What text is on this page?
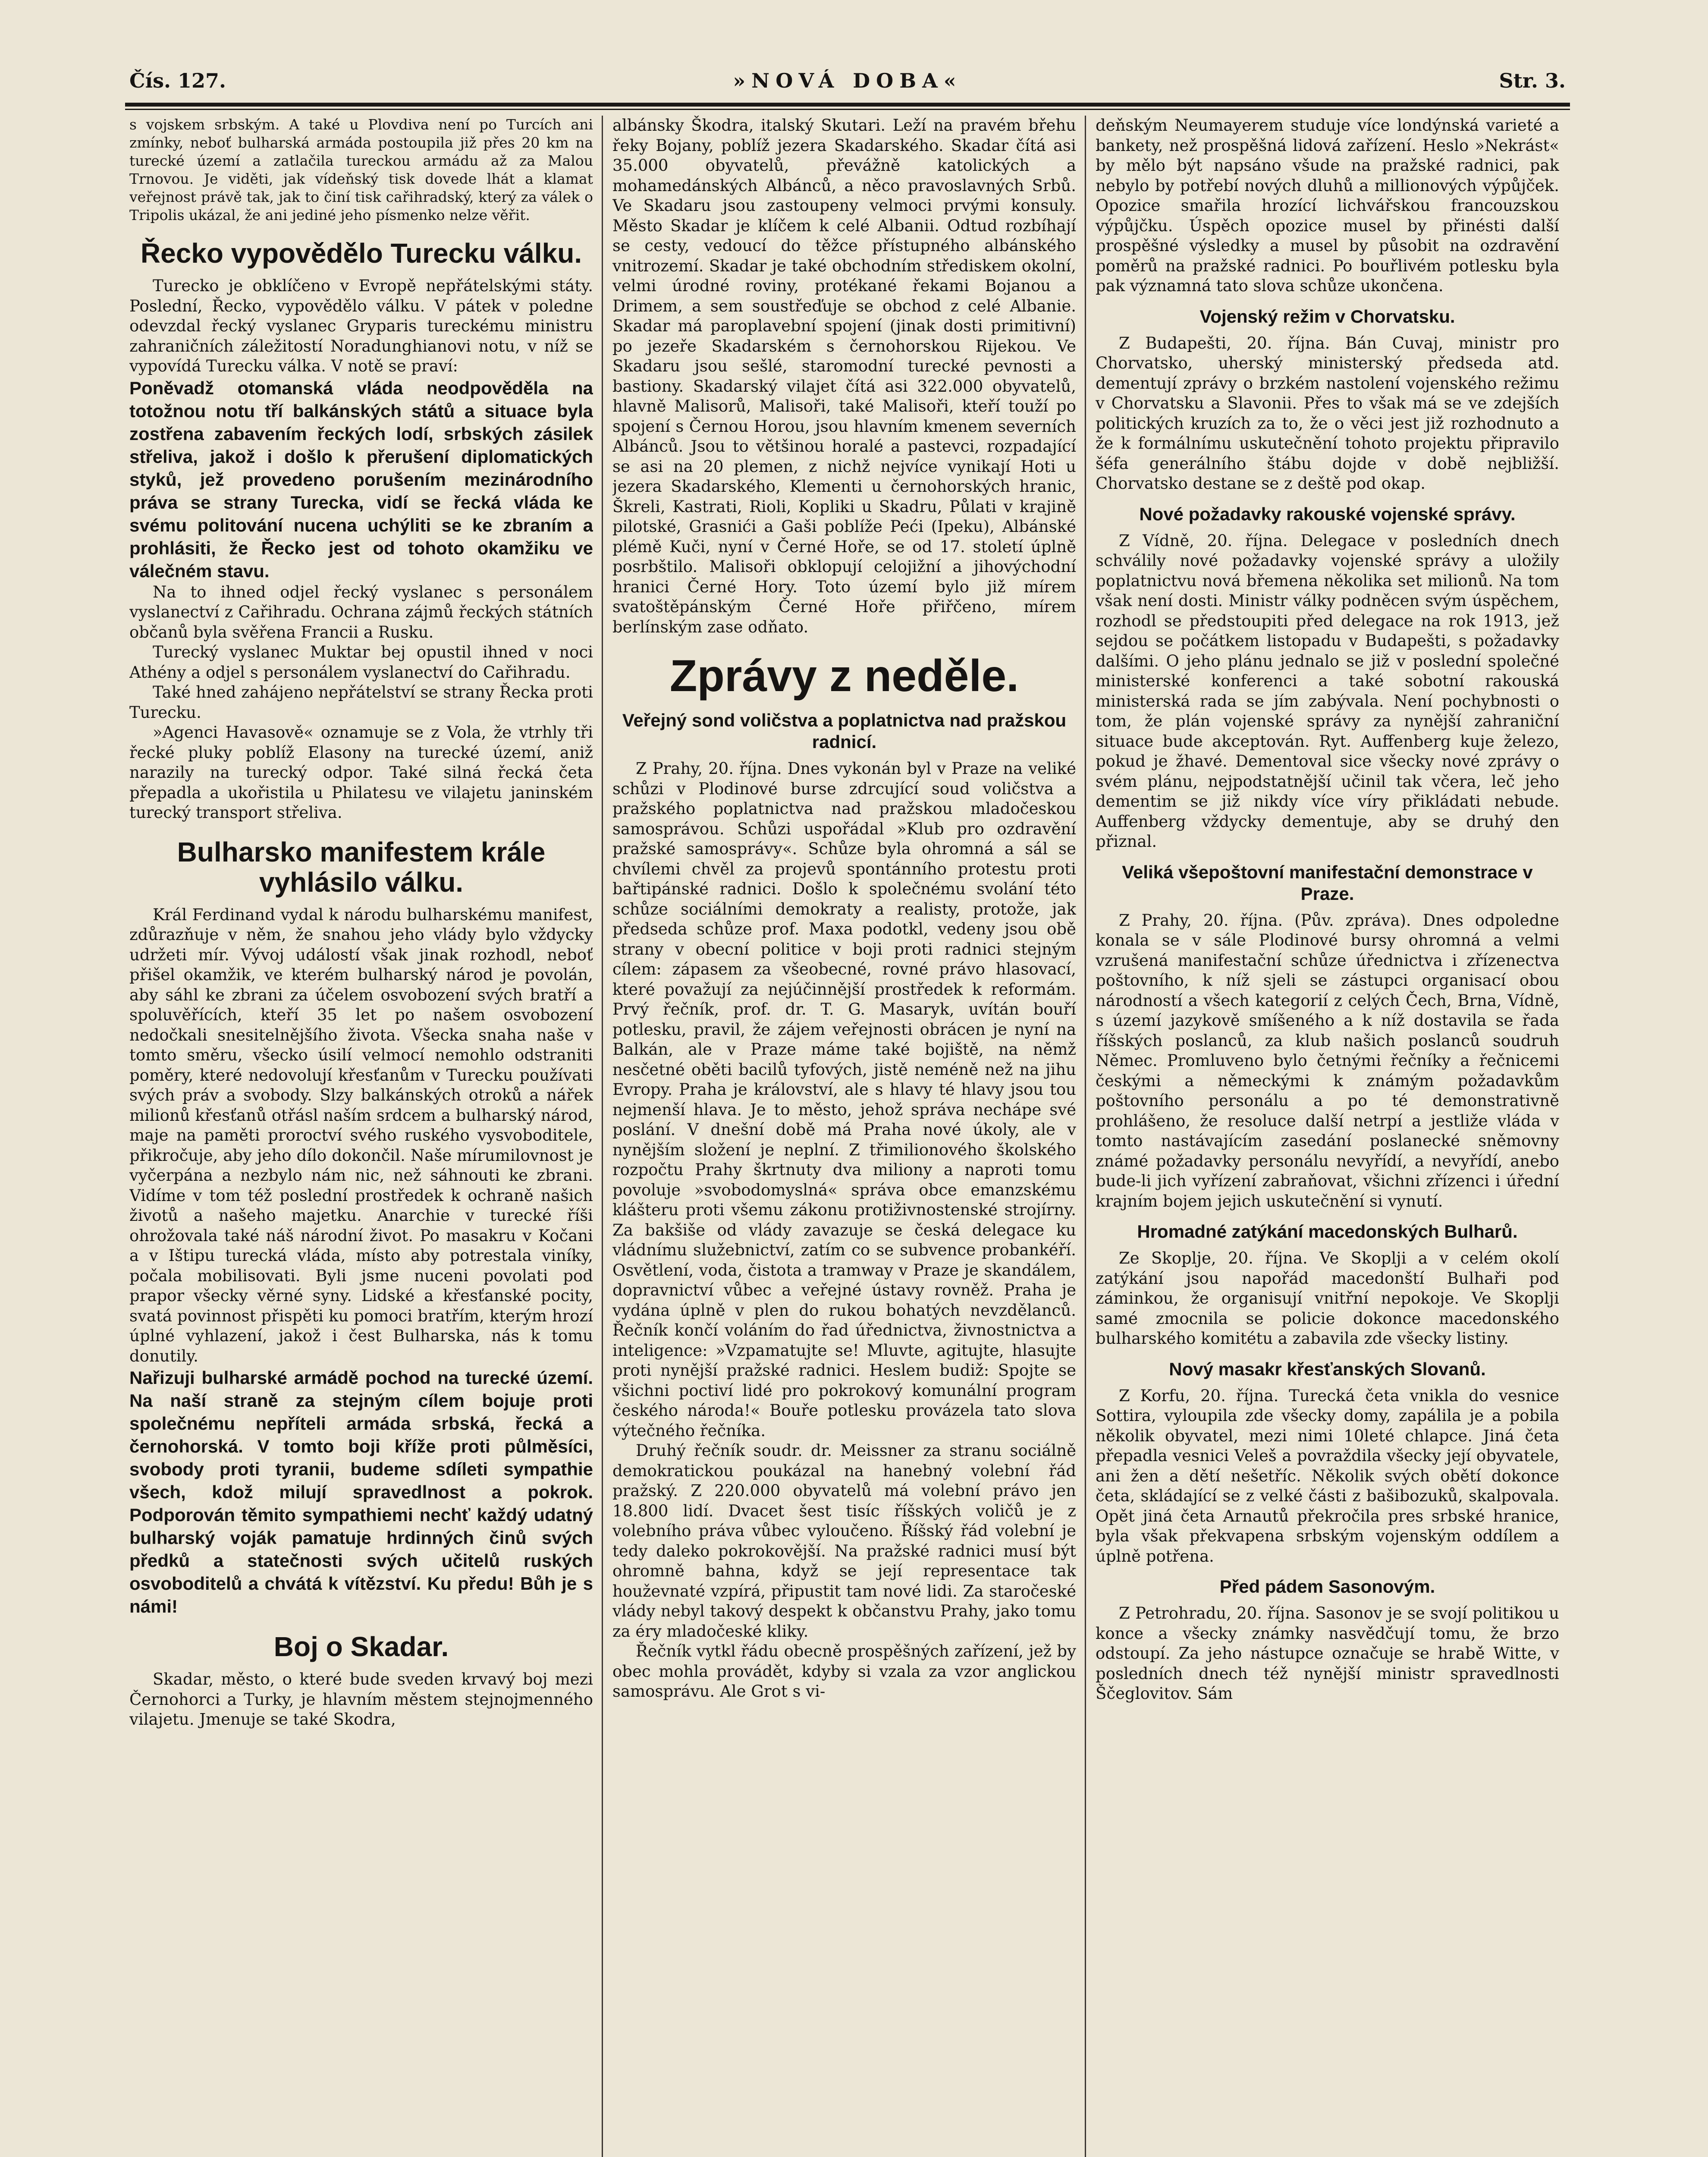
Čís. 127.	»NOVÁ DOBA«	Str. 3.

s vojskem srbským. A také u Plovdiva není po Turcích ani zmínky, neboť bulharská armáda postoupila již přes 20 km na turecké území a zatlačila tureckou armádu až za Malou Trnovou. Je viděti, jak vídeňský tisk dovede lhát a klamat veřejnost právě tak, jak to činí tisk cařihradský, který za válek o Tripolis ukázal, že ani jediné jeho písmenko nelze věřit.

Řecko vypovědělo Turecku válku.

Turecko je obklíčeno v Evropě nepřátelskými státy. Poslední, Řecko, vypovědělo válku. V pátek v poledne odevzdal řecký vyslanec Gryparis tureckému ministru zahraničních záležitostí Noradunghianovi notu, v níž se vypovídá Turecku válka. V notě se praví:

Poněvadž otomanská vláda neodpověděla na totožnou notu tří balkánských států a situace byla zostřena zabavením řeckých lodí, srbských zásilek střeliva, jakož i došlo k přerušení diplomatických styků, jež provedeno porušením mezinárodního práva se strany Turecka, vidí se řecká vláda ke svému politování nucena uchýliti se ke zbraním a prohlásiti, že Řecko jest od tohoto okamžiku ve válečném stavu.

Na to ihned odjel řecký vyslanec s personálem vyslanectví z Cařihradu. Ochrana zájmů řeckých státních občanů byla svěřena Francii a Rusku.

Turecký vyslanec Muktar bej opustil ihned v noci Athény a odjel s personálem vyslanectví do Cařihradu.

Také hned zahájeno nepřátelství se strany Řecka proti Turecku.

»Agenci Havasově« oznamuje se z Vola, že vtrhly tři řecké pluky poblíž Elasony na turecké území, aniž narazily na turecký odpor. Také silná řecká četa přepadla a ukořistila u Philatesu ve vilajetu janinském turecký transport střeliva.

Bulharsko manifestem krále vyhlásilo válku.

Král Ferdinand vydal k národu bulharskému manifest, zdůrazňuje v něm, že snahou jeho vlády bylo vždycky udržeti mír. Vývoj událostí však jinak rozhodl, neboť přišel okamžik, ve kterém bulharský národ je povolán, aby sáhl ke zbrani za účelem osvobození svých bratří a spoluvěřících, kteří 35 let po našem osvobození nedočkali snesitelnějšího života. Všecka snaha naše v tomto směru, všecko úsilí velmocí nemohlo odstraniti poměry, které nedovolují křesťanům v Turecku používati svých práv a svobody. Slzy balkánských otroků a nářek milionů křesťanů otřásl naším srdcem a bulharský národ, maje na paměti proroctví svého ruského vysvoboditele, přikročuje, aby jeho dílo dokončil. Naše mírumilovnost je vyčerpána a nezbylo nám nic, než sáhnouti ke zbrani. Vidíme v tom též poslední prostředek k ochraně našich životů a našeho majetku. Anarchie v turecké říši ohrožovala také náš národní život. Po masakru v Kočani a v Ištipu turecká vláda, místo aby potrestala viníky, počala mobilisovati. Byli jsme nuceni povolati pod prapor všecky věrné syny. Lidské a křesťanské pocity, svatá povinnost přispěti ku pomoci bratřím, kterým hrozí úplné vyhlazení, jakož i čest Bulharska, nás k tomu donutily.

Nařizuji bulharské armádě pochod na turecké území. Na naší straně za stejným cílem bojuje proti společnému nepříteli armáda srbská, řecká a černohorská. V tomto boji kříže proti půlměsíci, svobody proti tyranii, budeme sdíleti sympathie všech, kdož milují spravedlnost a pokrok. Podporován těmito sympathiemi nechť každý udatný bulharský voják pamatuje hrdinných činů svých předků a statečnosti svých učitelů ruských osvoboditelů a chvátá k vítězství. Ku předu! Bůh je s námi!

Boj o Skadar.

Skadar, město, o které bude sveden krvavý boj mezi Černohorci a Turky, je hlavním městem stejnojmenného vilajetu. Jmenuje se také Skodra,

albánsky Škodra, italský Skutari. Leží na pravém břehu řeky Bojany, poblíž jezera Skadarského. Skadar čítá asi 35.000 obyvatelů, převážně katolických a mohamedánských Albánců, a něco pravoslavných Srbů. Ve Skadaru jsou zastoupeny velmoci prvými konsuly. Město Skadar je klíčem k celé Albanii. Odtud rozbíhají se cesty, vedoucí do těžce přístupného albánského vnitrozemí. Skadar je také obchodním střediskem okolní, velmi úrodné roviny, protékané řekami Bojanou a Drimem, a sem soustřeďuje se obchod z celé Albanie. Skadar má paroplavební spojení (jinak dosti primitivní) po jezeře Skadarském s černohorskou Rijekou. Ve Skadaru jsou sešlé, staromodní turecké pevnosti a bastiony. Skadarský vilajet čítá asi 322.000 obyvatelů, hlavně Malisorů, Malisoři, také Malisoři, kteří touží po spojení s Černou Horou, jsou hlavním kmenem severních Albánců. Jsou to většinou horalé a pastevci, rozpadající se asi na 20 plemen, z nichž nejvíce vynikají Hoti u jezera Skadarského, Klementi u černohorských hranic, Škreli, Kastrati, Rioli, Kopliki u Skadru, Půlati v krajině pilotské, Grasnići a Gaši poblíže Peći (Ipeku), Albánské plémě Kuči, nyní v Černé Hoře, se od 17. století úplně posrbštilo. Malisoři obklopují celojižní a jihovýchodní hranici Černé Hory. Toto území bylo již mírem svatoštěpánským Černé Hoře přiřčeno, mírem berlínským zase odňato.

Zprávy z neděle.
Veřejný sond voličstva a poplatnictva nad pražskou radnicí.

Z Prahy, 20. října. Dnes vykonán byl v Praze na veliké schůzi v Plodinové burse zdrcující soud voličstva a pražského poplatnictva nad pražskou mladočeskou samosprávou. Schůzi uspořádal »Klub pro ozdravění pražské samosprávy«. Schůze byla ohromná a sál se chvílemi chvěl za projevů spontánního protestu proti bařtipánské radnici. Došlo k společnému svolání této schůze sociálními demokraty a realisty, protože, jak předseda schůze prof. Maxa podotkl, vedeny jsou obě strany v obecní politice v boji proti radnici stejným cílem: zápasem za všeobecné, rovné právo hlasovací, které považují za nejúčinnější prostředek k reformám. Prvý řečník, prof. dr. T. G. Masaryk, uvítán bouří potlesku, pravil, že zájem veřejnosti obrácen je nyní na Balkán, ale v Praze máme také bojiště, na němž nesčetné oběti bacilů tyfových, jistě neméně než na jihu Evropy. Praha je království, ale s hlavy té hlavy jsou tou nejmenší hlava. Je to město, jehož správa nechápe své poslání. V dnešní době má Praha nové úkoly, ale v nynějším složení je neplní. Z třimilionového školského rozpočtu Prahy škrtnuty dva miliony a naproti tomu povoluje »svobodomyslná« správa obce emanzskému klášteru proti všemu zákonu protiživnostenské strojírny. Za bakšiše od vlády zavazuje se česká delegace ku vládnímu služebnictví, zatím co se subvence probankéří. Osvětlení, voda, čistota a tramway v Praze je skandálem, dopravnictví vůbec a veřejné ústavy rovněž. Praha je vydána úplně v plen do rukou bohatých nevzdělanců. Řečník končí voláním do řad úřednictva, živnostnictva a inteligence: »Vzpamatujte se! Mluvte, agitujte, hlasujte proti nynější pražské radnici. Heslem budiž: Spojte se všichni poctiví lidé pro pokrokový komunální program českého národa!« Bouře potlesku provázela tato slova výtečného řečníka.

Druhý řečník soudr. dr. Meissner za stranu sociálně demokratickou poukázal na hanebný volební řád pražský. Z 220.000 obyvatelů má volební právo jen 18.800 lidí. Dvacet šest tisíc říšských voličů je z volebního práva vůbec vyloučeno. Říšský řád volební je tedy daleko pokrokovější. Na pražské radnici musí být ohromně bahna, když se její representace tak houževnaté vzpírá, připustit tam nové lidi. Za staročeské vlády nebyl takový despekt k občanstvu Prahy, jako tomu za éry mladočeské kliky.

Řečník vytkl řádu obecně prospěšných zařízení, jež by obec mohla provádět, kdyby si vzala za vzor anglickou samosprávu. Ale Grot s vi-

deňským Neumayerem studuje více londýnská varieté a bankety, než prospěšná lidová zařízení. Heslo »Nekrást« by mělo být napsáno všude na pražské radnici, pak nebylo by potřebí nových dluhů a millionových výpůjček. Opozice smařila hrozící lichvářskou francouzskou výpůjčku. Úspěch opozice musel by přinésti další prospěšné výsledky a musel by působit na ozdravění poměrů na pražské radnici. Po bouřlivém potlesku byla pak významná tato slova schůze ukončena.

Vojenský režim v Chorvatsku.

Z Budapešti, 20. října. Bán Cuvaj, ministr pro Chorvatsko, uherský ministerský předseda atd. dementují zprávy o brzkém nastolení vojenského režimu v Chorvatsku a Slavonii. Přes to však má se ve zdejších politických kruzích za to, že o věci jest již rozhodnuto a že k formálnímu uskutečnění tohoto projektu připravilo šéfa generálního štábu dojde v době nejbližší. Chorvatsko destane se z deště pod okap.

Nové požadavky rakouské vojenské správy.

Z Vídně, 20. října. Delegace v posledních dnech schválily nové požadavky vojenské správy a uložily poplatnictvu nová břemena několika set milionů. Na tom však není dosti. Ministr války podněcen svým úspěchem, rozhodl se předstoupiti před delegace na rok 1913, jež sejdou se počátkem listopadu v Budapešti, s požadavky dalšími. O jeho plánu jednalo se již v poslední společné ministerské konferenci a také sobotní rakouská ministerská rada se jím zabývala. Není pochybnosti o tom, že plán vojenské správy za nynější zahraniční situace bude akceptován. Ryt. Auffenberg kuje železo, pokud je žhavé. Dementoval sice všecky nové zprávy o svém plánu, nejpodstatnější učinil tak včera, leč jeho dementim se již nikdy více víry přikládati nebude. Auffenberg vždycky dementuje, aby se druhý den přiznal.

Veliká všepoštovní manifestační demonstrace v Praze.

Z Prahy, 20. října. (Pův. zpráva). Dnes odpoledne konala se v sále Plodinové bursy ohromná a velmi vzrušená manifestační schůze úřednictva i zřízenectva poštovního, k níž sjeli se zástupci organisací obou národností a všech kategorií z celých Čech, Brna, Vídně, s území jazykově smíšeného a k níž dostavila se řada říšských poslanců, za klub našich poslanců soudruh Němec. Promluveno bylo četnými řečníky a řečnicemi českými a německými k známým požadavkům poštovního personálu a po té demonstrativně prohlášeno, že resoluce další netrpí a jestliže vláda v tomto nastávajícím zasedání poslanecké sněmovny známé požadavky personálu nevyřídí, a nevyřídí, anebo bude-li jich vyřízení zabraňovat, všichni zřízenci i úřední krajním bojem jejich uskutečnění si vynutí.

Hromadné zatýkání macedonských Bulharů.

Ze Skoplje, 20. října. Ve Skoplji a v celém okolí zatýkání jsou napořád macedonští Bulhaři pod záminkou, že organisují vnitřní nepokoje. Ve Skoplji samé zmocnila se policie dokonce macedonského bulharského komitétu a zabavila zde všecky listiny.

Nový masakr křesťanských Slovanů.

Z Korfu, 20. října. Turecká četa vnikla do vesnice Sottira, vyloupila zde všecky domy, zapálila je a pobila několik obyvatel, mezi nimi 10leté chlapce. Jiná četa přepadla vesnici Veleš a povraždila všecky její obyvatele, ani žen a dětí nešetříc. Několik svých obětí dokonce četa, skládající se z velké části z bašibozuků, skalpovala. Opět jiná četa Arnautů překročila pres srbské hranice, byla však překvapena srbským vojenským oddílem a úplně potřena.

Před pádem Sasonovým.

Z Petrohradu, 20. října. Sasonov je se svojí politikou u konce a všecky známky nasvědčují tomu, že brzo odstoupí. Za jeho nástupce označuje se hrabě Witte, v posledních dnech též nynější ministr spravedlnosti Ščeglovitov. Sám
